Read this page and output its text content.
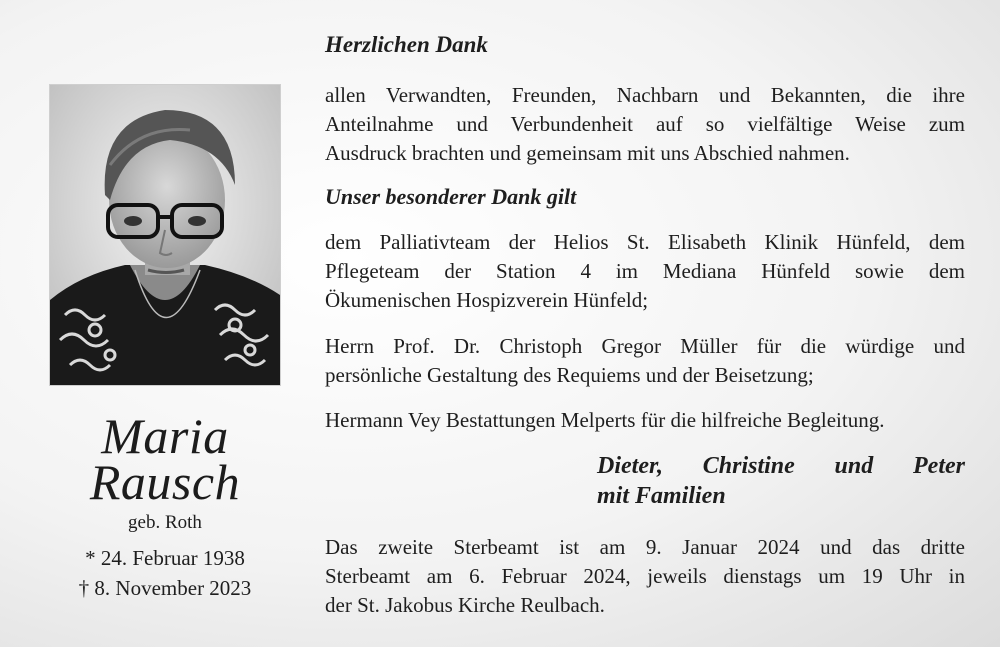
Maria
Rausch
geb. Roth
* 24. Februar 1938
† 8. November 2023
Herzlichen Dank
allen Verwandten, Freunden, Nachbarn und Bekannten, die ihre
Anteilnahme und Verbundenheit auf so vielfältige Weise zum
Ausdruck brachten und gemeinsam mit uns Abschied nahmen.
Unser besonderer Dank gilt
dem Palliativteam der Helios St. Elisabeth Klinik Hünfeld, dem
Pflegeteam der Station 4 im Mediana Hünfeld sowie dem
Ökumenischen Hospizverein Hünfeld;
Herrn Prof. Dr. Christoph Gregor Müller für die würdige und
persönliche Gestaltung des Requiems und der Beisetzung;
Hermann Vey Bestattungen Melperts für die hilfreiche Begleitung.
Dieter, Christine und Peter
mit Familien
Das zweite Sterbeamt ist am 9. Januar 2024 und das dritte
Sterbeamt am 6. Februar 2024, jeweils dienstags um 19 Uhr in
der St. Jakobus Kirche Reulbach.
